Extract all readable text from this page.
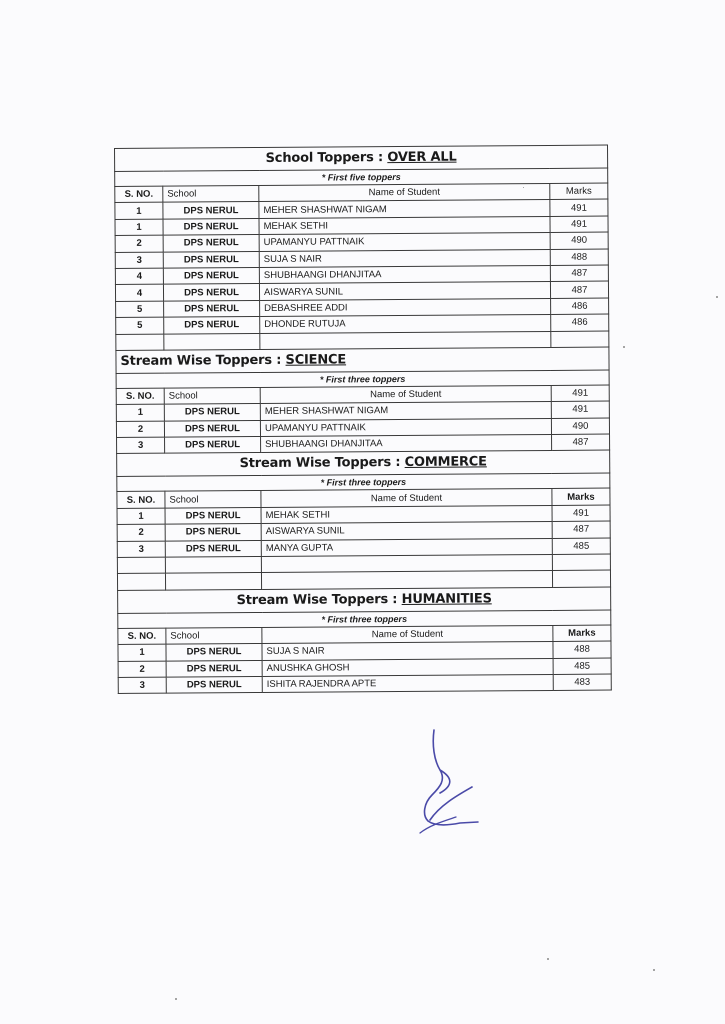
School Toppers : OVER ALL			
* First five toppers			
S. NO.	School	Name of Student	Marks
1	DPS NERUL	MEHER SHASHWAT NIGAM	491
1	DPS NERUL	MEHAK SETHI	491
2	DPS NERUL	UPAMANYU PATTNAIK	490
3	DPS NERUL	SUJA S NAIR	488
4	DPS NERUL	SHUBHAANGI DHANJITAA	487
4	DPS NERUL	AISWARYA SUNIL	487
5	DPS NERUL	DEBASHREE ADDI	486
5	DPS NERUL	DHONDE RUTUJA	486

Stream Wise Toppers : SCIENCE			
* First three toppers			
S. NO.	School	Name of Student	491
1	DPS NERUL	MEHER SHASHWAT NIGAM	491
2	DPS NERUL	UPAMANYU PATTNAIK	490
3	DPS NERUL	SHUBHAANGI DHANJITAA	487
Stream Wise Toppers : COMMERCE			
* First three toppers			
S. NO.	School	Name of Student	Marks
1	DPS NERUL	MEHAK SETHI	491
2	DPS NERUL	AISWARYA SUNIL	487
3	DPS NERUL	MANYA GUPTA	485

Stream Wise Toppers : HUMANITIES			
* First three toppers			
S. NO.	School	Name of Student	Marks
1	DPS NERUL	SUJA S NAIR	488
2	DPS NERUL	ANUSHKA GHOSH	485
3	DPS NERUL	ISHITA RAJENDRA APTE	483
